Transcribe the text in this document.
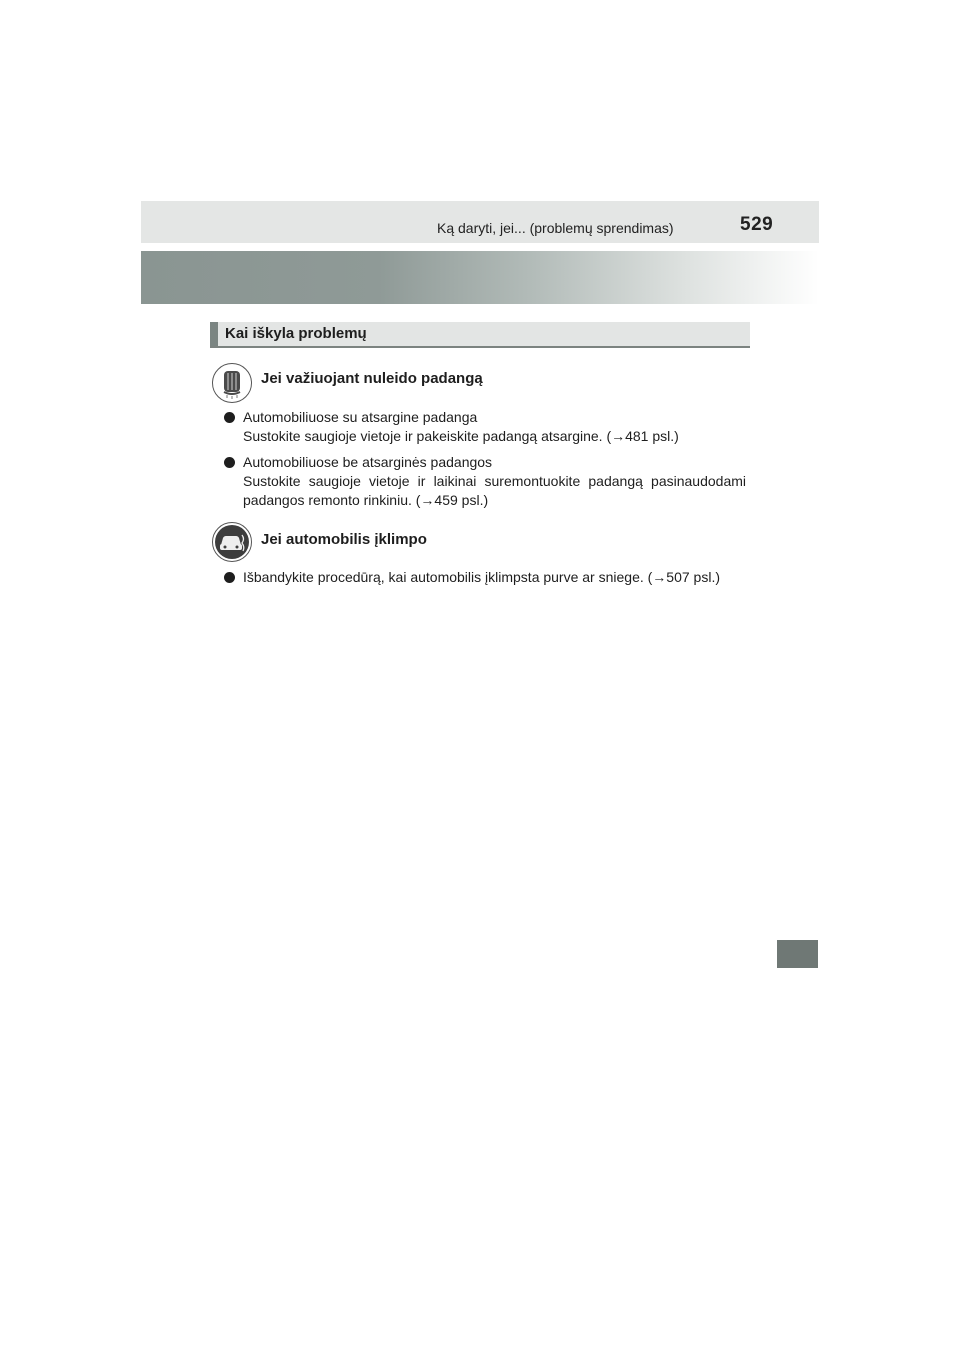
Ką daryti, jei... (problemų sprendimas)	529
Kai iškyla problemų
Jei važiuojant nuleido padangą
Automobiliuose su atsargine padanga
Sustokite saugioje vietoje ir pakeiskite padangą atsargine. (→481 psl.)
Automobiliuose be atsarginės padangos
Sustokite saugioje vietoje ir laikinai suremontuokite padangą pasinaudodami padangos remonto rinkiniu. (→459 psl.)
Jei automobilis įklimpo
Išbandykite procedūrą, kai automobilis įklimpsta purve ar sniege. (→507 psl.)
